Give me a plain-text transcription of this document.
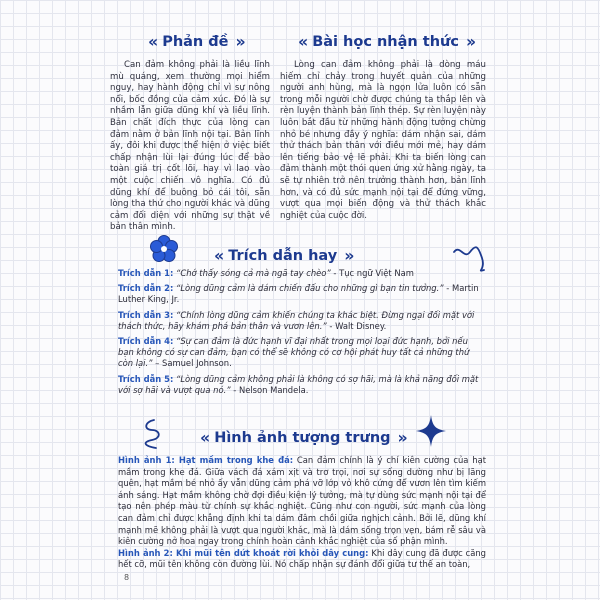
‹‹ Phản đề ››

Can đảm không phải là liều lĩnh mù quáng, xem thường mọi hiểm nguy, hay hành động chỉ vì sự nông nổi, bốc đồng của cảm xúc. Đó là sự nhầm lẫn giữa dũng khí và liều lĩnh. Bản chất đích thực của lòng can đảm nằm ở bản lĩnh nội tại. Bản lĩnh ấy, đôi khi được thể hiện ở việc biết chấp nhận lùi lại đúng lúc để bảo toàn giá trị cốt lõi, hay vì lao vào một cuộc chiến vô nghĩa. Có đủ dũng khí để buông bỏ cái tôi, sẵn lòng tha thứ cho người khác và dũng cảm đối diện với những sự thật về bản thân mình.

‹‹ Bài học nhận thức ››

Lòng can đảm không phải là dòng máu hiếm chỉ chảy trong huyết quản của những người anh hùng, mà là ngọn lửa luôn có sẵn trong mỗi người chờ được chúng ta thắp lên và rèn luyện thành bản lĩnh thép. Sự rèn luyện này luôn bắt đầu từ những hành động tưởng chừng nhỏ bé nhưng đầy ý nghĩa: dám nhận sai, dám thử thách bản thân với điều mới mẻ, hay dám lên tiếng bảo vệ lẽ phải. Khi ta biến lòng can đảm thành một thói quen ứng xử hằng ngày, ta sẽ tự nhiên trở nên trưởng thành hơn, bản lĩnh hơn, và có đủ sức mạnh nội tại để đứng vững, vượt qua mọi biến động và thử thách khắc nghiệt của cuộc đời.

‹‹ Trích dẫn hay ››

Trích dẫn 1: “Chớ thấy sóng cả mà ngã tay chèo” - Tục ngữ Việt Nam

Trích dẫn 2: “Lòng dũng cảm là dám chiến đấu cho những gì bạn tin tưởng.” - Martin Luther King, Jr.

Trích dẫn 3: “Chính lòng dũng cảm khiến chúng ta khác biệt. Đừng ngại đối mặt với thách thức, hãy khám phá bản thân và vươn lên.” - Walt Disney.

Trích dẫn 4: “Sự can đảm là đức hạnh vĩ đại nhất trong mọi loại đức hạnh, bởi nếu bạn không có sự can đảm, bạn có thể sẽ không có cơ hội phát huy tất cả những thứ còn lại.” – Samuel Johnson.

Trích dẫn 5: “Lòng dũng cảm không phải là không có sợ hãi, mà là khả năng đối mặt với sợ hãi và vượt qua nó.” - Nelson Mandela.

‹‹ Hình ảnh tượng trưng ››

Hình ảnh 1: Hạt mầm trong khe đá: Can đảm chính là ý chí kiên cường của hạt mầm trong khe đá. Giữa vách đá xám xịt và trơ trọi, nơi sự sống dường như bị lãng quên, hạt mầm bé nhỏ ấy vẫn dũng cảm phá vỡ lớp vỏ khô cứng để vươn lên tìm kiếm ánh sáng. Hạt mầm không chờ đợi điều kiện lý tưởng, mà tự dùng sức mạnh nội tại để tạo nên phép màu từ chính sự khắc nghiệt. Cũng như con người, sức mạnh của lòng can đảm chỉ được khẳng định khi ta dám đâm chồi giữa nghịch cảnh. Bởi lẽ, dũng khí mạnh mẽ không phải là vượt qua người khác, mà là dám sống trọn vẹn, bám rễ sâu và kiên cường nở hoa ngay trong chính hoàn cảnh khắc nghiệt của số phận mình.

Hình ảnh 2: Khi mũi tên dứt khoát rời khỏi dây cung: Khi dây cung đã được căng hết cỡ, mũi tên không còn đường lùi. Nó chấp nhận sự đánh đổi giữa tư thế an toàn,

8
